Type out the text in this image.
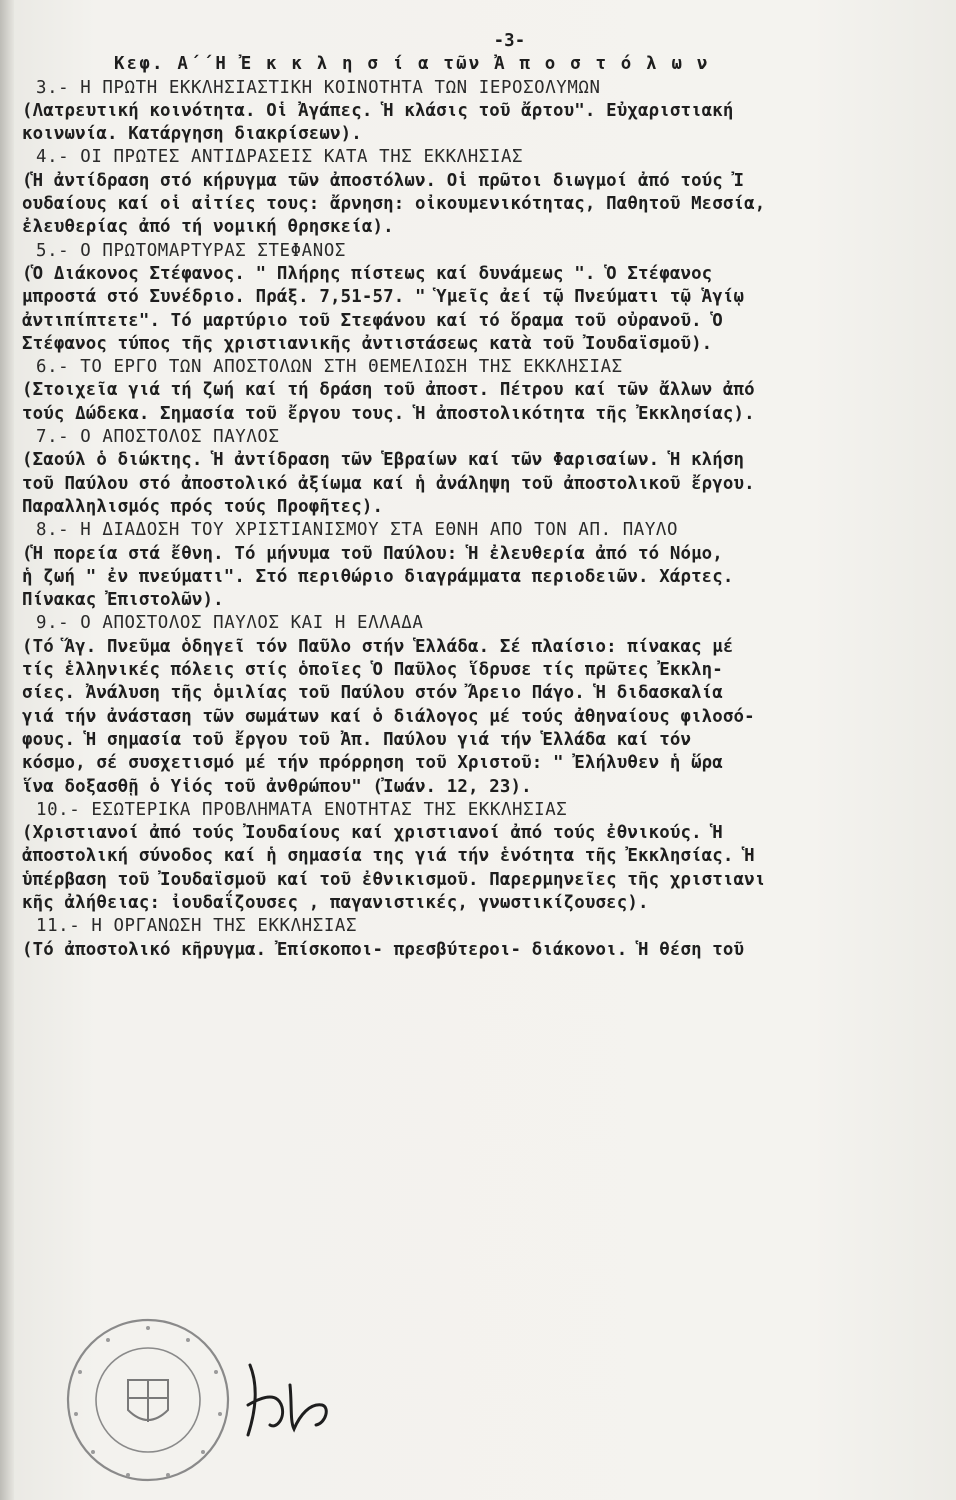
-3-
Κεφ. Α΄΄Η Ἐ κ κ λ η σ ί α τῶν Ἀ π ο σ τ ό λ ω ν
3.- Η ΠΡΩΤΗ ΕΚΚΛΗΣΙΑΣΤΙΚΗ ΚΟΙΝΟΤΗΤΑ ΤΩΝ ΙΕΡΟΣΟΛΥΜΩΝ
(Λατρευτική κοινότητα. Οἱ Ἀγάπες. Ἡ κλάσις τοῦ ἄρτου". Εὐχαριστιακή
κοινωνία. Κατάργηση διακρίσεων).
4.- ΟΙ ΠΡΩΤΕΣ ΑΝΤΙΔΡΑΣΕΙΣ ΚΑΤΑ ΤΗΣ ΕΚΚΛΗΣΙΑΣ
(Ἡ ἀντίδραση στό κήρυγμα τῶν ἀποστόλων. Οἱ πρῶτοι διωγμοί ἀπό τούς Ἰ
ουδαίους καί οἱ αἰτίες τους: ἄρνηση: οἰκουμενικότητας, Παθητοῦ Μεσσία,
ἐλευθερίας ἀπό τή νομική θρησκεία).
5.- Ο ΠΡΩΤΟΜΑΡΤΥΡΑΣ ΣΤΕΦΑΝΟΣ
(Ὁ Διάκονος Στέφανος. " Πλήρης πίστεως καί δυνάμεως ". Ὁ Στέφανος
μπροστά στό Συνέδριο. Πράξ. 7,51-57. " Ὑμεῖς ἀεί τῷ Πνεύματι τῷ Ἁγίῳ
ἀντιπίπτετε". Τό μαρτύριο τοῦ Στεφάνου καί τό ὅραμα τοῦ οὐρανοῦ. Ὁ
Στέφανος τύπος τῆς χριστιανικῆς ἀντιστάσεως κατὰ τοῦ Ἰουδαϊσμοῦ).
6.- ΤΟ ΕΡΓΟ ΤΩΝ ΑΠΟΣΤΟΛΩΝ ΣΤΗ ΘΕΜΕΛΙΩΣΗ ΤΗΣ ΕΚΚΛΗΣΙΑΣ
(Στοιχεῖα γιά τή ζωή καί τή δράση τοῦ ἀποστ. Πέτρου καί τῶν ἄλλων ἀπό
τούς Δώδεκα. Σημασία τοῦ ἔργου τους. Ἡ ἀποστολικότητα τῆς Ἐκκλησίας).
7.- Ο ΑΠΟΣΤΟΛΟΣ ΠΑΥΛΟΣ
(Σαούλ ὁ διώκτης. Ἡ ἀντίδραση τῶν Ἑβραίων καί τῶν Φαρισαίων. Ἡ κλήση
τοῦ Παύλου στό ἀποστολικό ἀξίωμα καί ἡ ἀνάληψη τοῦ ἀποστολικοῦ ἔργου.
Παραλληλισμός πρός τούς Προφῆτες).
8.- Η ΔΙΑΔΟΣΗ ΤΟΥ ΧΡΙΣΤΙΑΝΙΣΜΟΥ ΣΤΑ ΕΘΝΗ ΑΠΟ ΤΟΝ ΑΠ. ΠΑΥΛΟ
(Ἡ πορεία στά ἔθνη. Τό μήνυμα τοῦ Παύλου: Ἡ ἐλευθερία ἀπό τό Νόμο,
ἡ ζωή " ἐν πνεύματι". Στό περιθώριο διαγράμματα περιοδειῶν. Χάρτες.
Πίνακας Ἐπιστολῶν).
9.- Ο ΑΠΟΣΤΟΛΟΣ ΠΑΥΛΟΣ ΚΑΙ Η ΕΛΛΑΔΑ
(Τό Ἅγ. Πνεῦμα ὁδηγεῖ τόν Παῦλο στήν Ἑλλάδα. Σέ πλαίσιο: πίνακας μέ
τίς ἑλληνικές πόλεις στίς ὁποῖες Ὁ Παῦλος ἵδρυσε τίς πρῶτες Ἐκκλη-
σίες. Ἀνάλυση τῆς ὁμιλίας τοῦ Παύλου στόν Ἄρειο Πάγο. Ἡ διδασκαλία
γιά τήν ἀνάσταση τῶν σωμάτων καί ὁ διάλογος μέ τούς ἀθηναίους φιλοσό-
φους. Ἡ σημασία τοῦ ἔργου τοῦ Ἀπ. Παύλου γιά τήν Ἑλλάδα καί τόν
κόσμο, σέ συσχετισμό μέ τήν πρόρρηση τοῦ Χριστοῦ: " Ἐλήλυθεν ἡ ὥρα
ἵνα δοξασθῇ ὁ Υἱός τοῦ ἀνθρώπου" (Ἰωάν. 12, 23).
10.- ΕΣΩΤΕΡΙΚΑ ΠΡΟΒΛΗΜΑΤΑ ΕΝΟΤΗΤΑΣ ΤΗΣ ΕΚΚΛΗΣΙΑΣ
(Χριστιανοί ἀπό τούς Ἰουδαίους καί χριστιανοί ἀπό τούς ἐθνικούς. Ἡ
ἀποστολική σύνοδος καί ἡ σημασία της γιά τήν ἑνότητα τῆς Ἐκκλησίας. Ἡ
ὑπέρβαση τοῦ Ἰουδαϊσμοῦ καί τοῦ ἐθνικισμοῦ. Παρερμηνεῖες τῆς χριστιανι
κῆς ἀλήθειας: ἰουδαΐζουσες , παγανιστικές, γνωστικίζουσες).
11.- Η ΟΡΓΑΝΩΣΗ ΤΗΣ ΕΚΚΛΗΣΙΑΣ
(Τό ἀποστολικό κῆρυγμα. Ἐπίσκοποι- πρεσβύτεροι- διάκονοι. Ἡ θέση τοῦ
